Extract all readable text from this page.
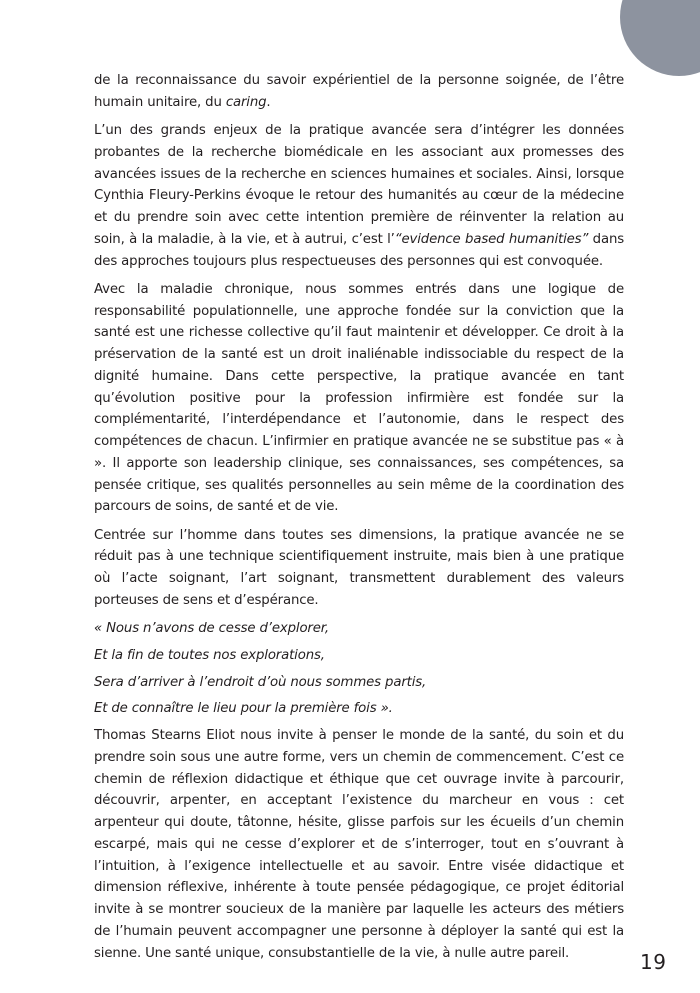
de la reconnaissance du savoir expérientiel de la personne soignée, de l’être humain unitaire, du caring.

L’un des grands enjeux de la pratique avancée sera d’intégrer les données probantes de la recherche biomédicale en les associant aux promesses des avancées issues de la recherche en sciences humaines et sociales. Ainsi, lorsque Cynthia Fleury-Perkins évoque le retour des humanités au cœur de la médecine et du prendre soin avec cette intention première de réinventer la relation au soin, à la maladie, à la vie, et à autrui, c’est l’“evidence based humanities” dans des approches toujours plus respectueuses des personnes qui est convoquée.

Avec la maladie chronique, nous sommes entrés dans une logique de responsabilité populationnelle, une approche fondée sur la conviction que la santé est une richesse collective qu’il faut maintenir et développer. Ce droit à la préservation de la santé est un droit inaliénable indissociable du respect de la dignité humaine. Dans cette perspective, la pratique avancée en tant qu’évolution positive pour la profession infirmière est fondée sur la complémentarité, l’interdépendance et l’autonomie, dans le respect des compétences de chacun. L’infirmier en pratique avancée ne se substitue pas « à ». Il apporte son leadership clinique, ses connaissances, ses compétences, sa pensée critique, ses qualités personnelles au sein même de la coordination des parcours de soins, de santé et de vie.

Centrée sur l’homme dans toutes ses dimensions, la pratique avancée ne se réduit pas à une technique scientifiquement instruite, mais bien à une pratique où l’acte soignant, l’art soignant, transmettent durablement des valeurs porteuses de sens et d’espérance.

« Nous n’avons de cesse d’explorer,

Et la fin de toutes nos explorations,

Sera d’arriver à l’endroit d’où nous sommes partis,

Et de connaître le lieu pour la première fois ».

Thomas Stearns Eliot nous invite à penser le monde de la santé, du soin et du prendre soin sous une autre forme, vers un chemin de commencement. C’est ce chemin de réflexion didactique et éthique que cet ouvrage invite à parcourir, découvrir, arpenter, en acceptant l’existence du marcheur en vous : cet arpenteur qui doute, tâtonne, hésite, glisse parfois sur les écueils d’un chemin escarpé, mais qui ne cesse d’explorer et de s’interroger, tout en s’ouvrant à l’intuition, à l’exigence intellectuelle et au savoir. Entre visée didactique et dimension réflexive, inhérente à toute pensée pédagogique, ce projet éditorial invite à se montrer soucieux de la manière par laquelle les acteurs des métiers de l’humain peuvent accompagner une personne à déployer la santé qui est la sienne. Une santé unique, consubstantielle de la vie, à nulle autre pareil.	19
